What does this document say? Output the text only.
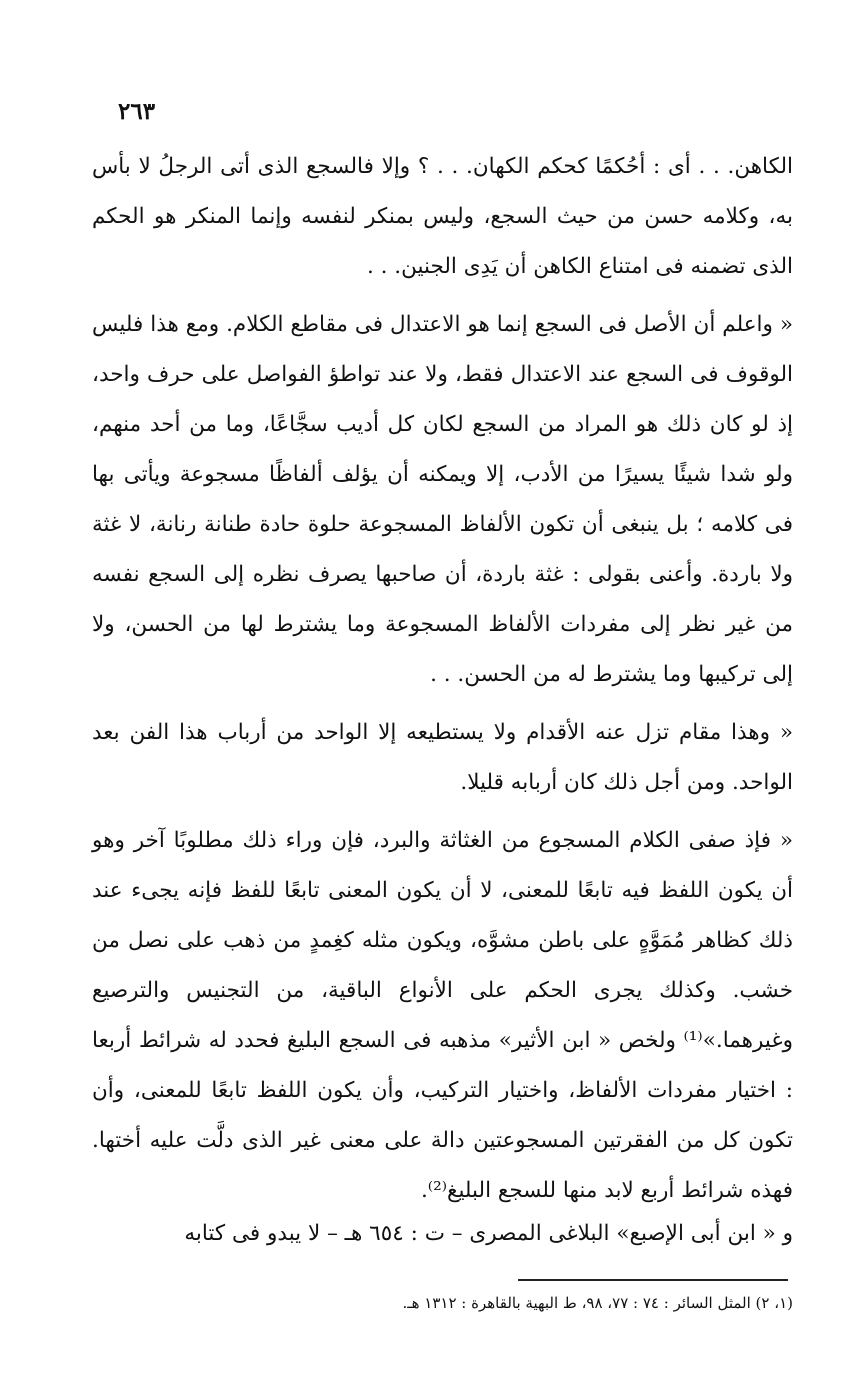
٢٦٣

الكاهن. . . أى : أحُكمًا كحكم الكهان. . . ؟ وإلا فالسجع الذى أتى الرجلُ لا بأس به، وكلامه حسن من حيث السجع، وليس بمنكر لنفسه وإنما المنكر هو الحكم الذى تضمنه فى امتناع الكاهن أن يَدِى الجنين. . .

« واعلم أن الأصل فى السجع إنما هو الاعتدال فى مقاطع الكلام. ومع هذا فليس الوقوف فى السجع عند الاعتدال فقط، ولا عند تواطؤ الفواصل على حرف واحد، إذ لو كان ذلك هو المراد من السجع لكان كل أديب سجَّاعًا، وما من أحد منهم، ولو شدا شيئًا يسيرًا من الأدب، إلا ويمكنه أن يؤلف ألفاظًا مسجوعة ويأتى بها فى كلامه ؛ بل ينبغى أن تكون الألفاظ المسجوعة حلوة حادة طنانة رنانة، لا غثة ولا باردة. وأعنى بقولى : غثة باردة، أن صاحبها يصرف نظره إلى السجع نفسه من غير نظر إلى مفردات الألفاظ المسجوعة وما يشترط لها من الحسن، ولا إلى تركيبها وما يشترط له من الحسن. . .

« وهذا مقام تزل عنه الأقدام ولا يستطيعه إلا الواحد من أرباب هذا الفن بعد الواحد. ومن أجل ذلك كان أربابه قليلا.

« فإذ صفى الكلام المسجوع من الغثاثة والبرد، فإن وراء ذلك مطلوبًا آخر وهو أن يكون اللفظ فيه تابعًا للمعنى، لا أن يكون المعنى تابعًا للفظ فإنه يجىء عند ذلك كظاهر مُمَوَّهٍ على باطن مشوَّه، ويكون مثله كغِمدٍ من ذهب على نصل من خشب. وكذلك يجرى الحكم على الأنواع الباقية، من التجنيس والترصيع وغيرهما.»⁽¹⁾ ولخص « ابن الأثير» مذهبه فى السجع البليغ فحدد له شرائط أربعا : اختيار مفردات الألفاظ، واختيار التركيب، وأن يكون اللفظ تابعًا للمعنى، وأن تكون كل من الفقرتين المسجوعتين دالة على معنى غير الذى دلَّت عليه أختها. فهذه شرائط أربع لابد منها للسجع البليغ⁽²⁾.

و « ابن أبى الإصبع» البلاغى المصرى – ت : ٦٥٤ هـ – لا يبدو فى كتابه
(١، ٢) المثل السائر : ٧٤ : ٧٧، ٩٨، ط البهية بالقاهرة : ١٣١٢ هـ.
